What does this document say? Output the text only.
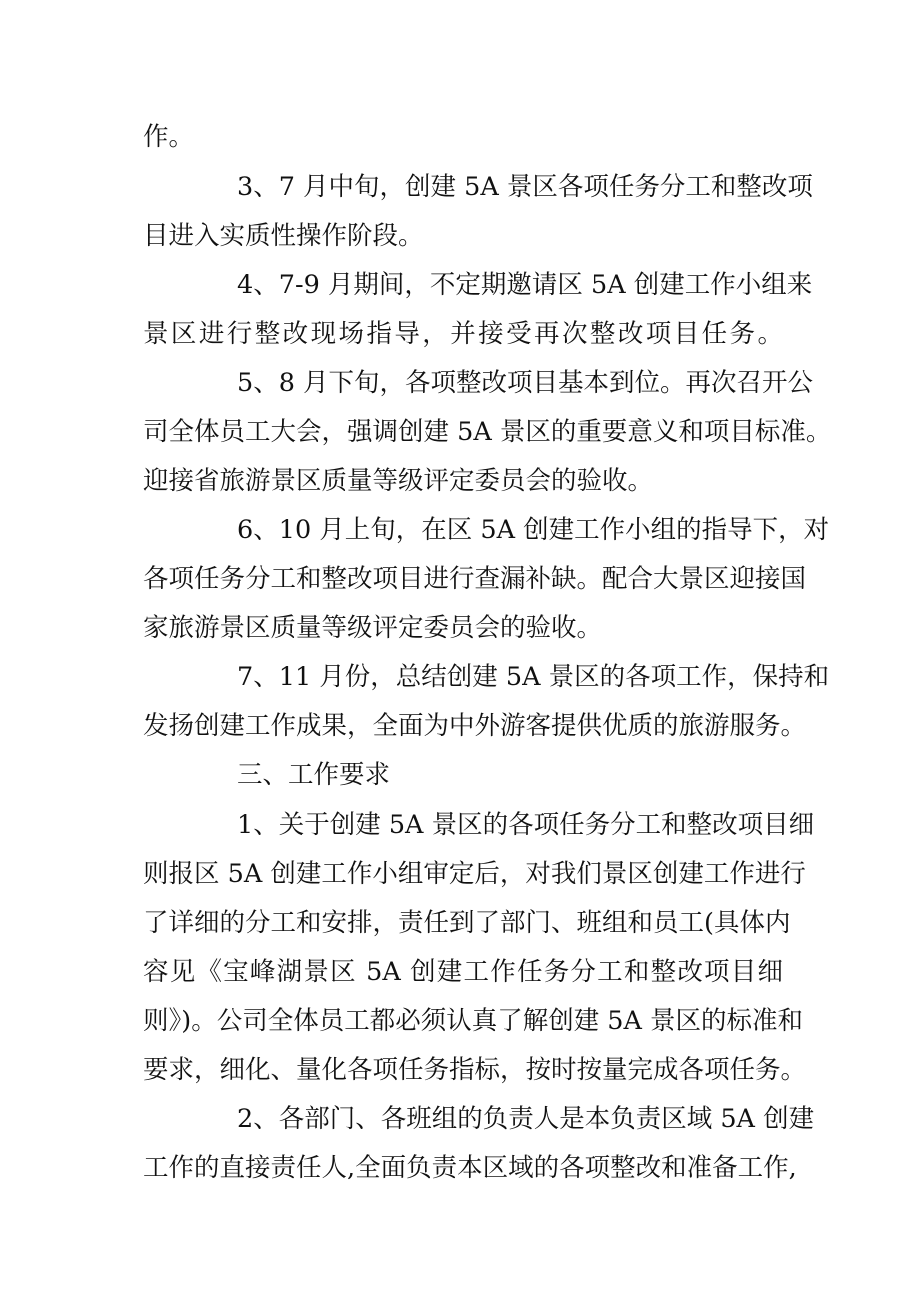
作。
3、7 月中旬，创建 5A 景区各项任务分工和整改项
目进入实质性操作阶段。
4、7-9 月期间，不定期邀请区 5A 创建工作小组来
景区进行整改现场指导，并接受再次整改项目任务。
5、8 月下旬，各项整改项目基本到位。再次召开公
司全体员工大会，强调创建 5A 景区的重要意义和项目标准。
迎接省旅游景区质量等级评定委员会的验收。
6、10 月上旬，在区 5A 创建工作小组的指导下，对
各项任务分工和整改项目进行查漏补缺。配合大景区迎接国
家旅游景区质量等级评定委员会的验收。
7、11 月份，总结创建 5A 景区的各项工作，保持和
发扬创建工作成果，全面为中外游客提供优质的旅游服务。
三、工作要求
1、关于创建 5A 景区的各项任务分工和整改项目细
则报区 5A 创建工作小组审定后，对我们景区创建工作进行
了详细的分工和安排，责任到了部门、班组和员工(具体内
容见《宝峰湖景区 5A 创建工作任务分工和整改项目细
则》)。公司全体员工都必须认真了解创建 5A 景区的标准和
要求，细化、量化各项任务指标，按时按量完成各项任务。
2、各部门、各班组的负责人是本负责区域 5A 创建
工作的直接责任人,全面负责本区域的各项整改和准备工作,
